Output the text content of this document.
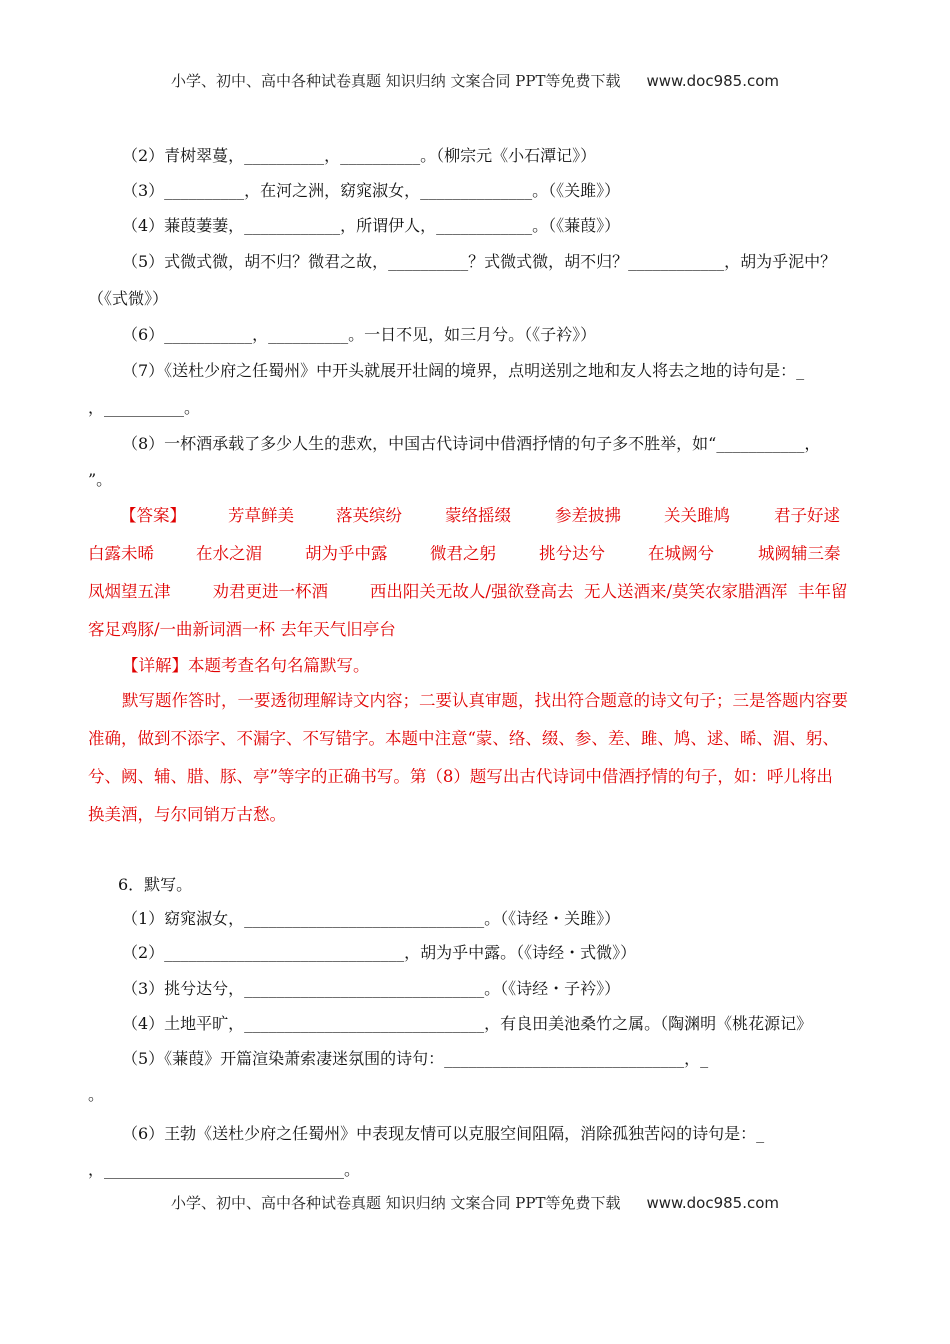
小学、初中、高中各种试卷真题 知识归纳 文案合同 PPT等免费下载 www.doc985.com
（2）青树翠蔓，__________，__________。（柳宗元《小石潭记》）
（3）__________，在河之洲，窈窕淑女，______________。（《关雎》）
（4）蒹葭萋萋，____________，所谓伊人，____________。（《蒹葭》）
（5）式微式微，胡不归？微君之故，__________？式微式微，胡不归？____________，胡为乎泥中？
（《式微》）
（6）___________，__________。一日不见，如三月兮。（《子衿》）
（7）《送杜少府之任蜀州》中开头就展开壮阔的境界，点明送别之地和友人将去之地的诗句是：_
，__________。
（8）一杯酒承载了多少人生的悲欢，中国古代诗词中借酒抒情的句子多不胜举，如“___________，
”。
【答案】	芳草鲜美	落英缤纷	蒙络摇缀	参差披拂	关关雎鸠	君子好逑
白露未晞	在水之湄	胡为乎中露	微君之躬	挑兮达兮	在城阙兮	城阙辅三秦
凤烟望五津        劝君更进一杯酒        西出阳关无故人/强欲登高去  无人送酒来/莫笑农家腊酒浑  丰年留
客足鸡豚/一曲新词酒一杯 去年天气旧亭台
【详解】本题考查名句名篇默写。
默写题作答时，一要透彻理解诗文内容；二要认真审题，找出符合题意的诗文句子；三是答题内容要
准确，做到不添字、不漏字、不写错字。本题中注意“蒙、络、缀、参、差、雎、鸠、逑、晞、湄、躬、
兮、阙、辅、腊、豚、亭”等字的正确书写。第（8）题写出古代诗词中借酒抒情的句子，如：呼儿将出
换美酒，与尔同销万古愁。
6．默写。
（1）窈窕淑女，______________________________。（《诗经・关雎》）
（2）______________________________，胡为乎中露。（《诗经・式微》）
（3）挑兮达兮，______________________________。（《诗经・子衿》）
（4）土地平旷，______________________________，有良田美池桑竹之属。（陶渊明《桃花源记》
（5）《蒹葭》开篇渲染萧索凄迷氛围的诗句：______________________________，_
。
（6）王勃《送杜少府之任蜀州》中表现友情可以克服空间阻隔，消除孤独苦闷的诗句是：_
，______________________________。
小学、初中、高中各种试卷真题 知识归纳 文案合同 PPT等免费下载 www.doc985.com
